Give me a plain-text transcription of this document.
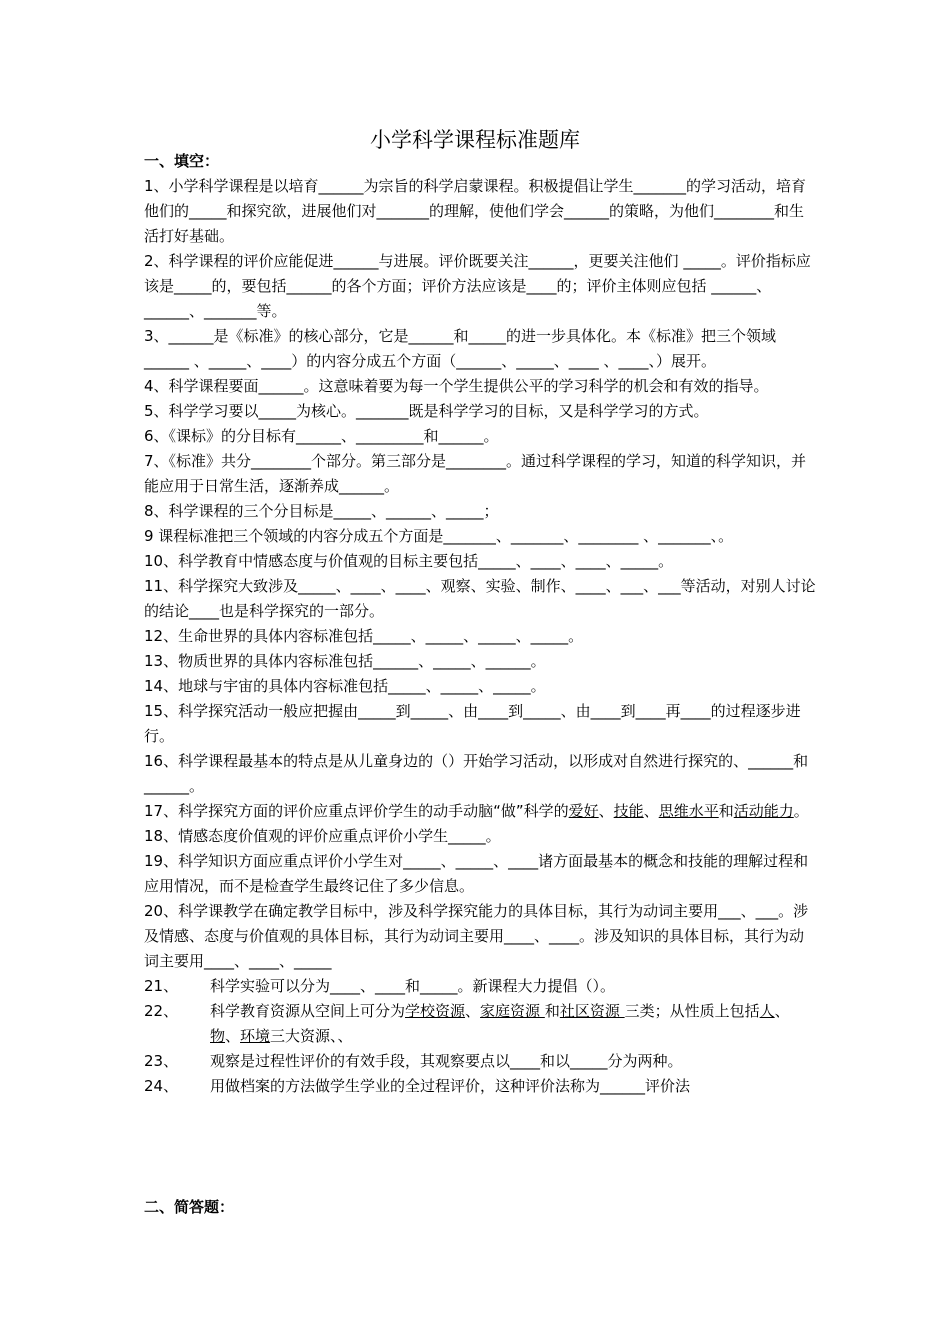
小学科学课程标准题库
一、填空：

1、小学科学课程是以培育______为宗旨的科学启蒙课程。积极提倡让学生_______的学习活动，培育他们的_____和探究欲，进展他们对_______的理解，使他们学会______的策略，为他们________和生活打好基础。

2、科学课程的评价应能促进______与进展。评价既要关注______，更要关注他们 _____。评价指标应该是_____的，要包括______的各个方面；评价方法应该是____的；评价主体则应包括 ______、______、_______等。

3、______是《标准》的核心部分，它是______和_____的进一步具体化。本《标准》把三个领域______ 、_____、____）的内容分成五个方面（______、_____、____ 、____、）展开。

4、科学课程要面______。这意味着要为每一个学生提供公平的学习科学的机会和有效的指导。

5、科学学习要以_____为核心。_______既是科学学习的目标，又是科学学习的方式。

6、《课标》的分目标有______、_________和______。

7、《标准》共分________个部分。第三部分是________。通过科学课程的学习，知道的科学知识，并能应用于日常生活，逐渐养成______。

8、科学课程的三个分目标是_____、______、_____；

9 课程标准把三个领域的内容分成五个方面是_______、_______、________ 、_______、。

10、科学教育中情感态度与价值观的目标主要包括_____、____、____、_____。

11、科学探究大致涉及_____、____、____、观察、实验、制作、____、___、___等活动，对别人讨论的结论____也是科学探究的一部分。

12、生命世界的具体内容标准包括_____、_____、_____、_____。

13、物质世界的具体内容标准包括______、_____、______。

14、地球与宇宙的具体内容标准包括_____、_____、_____。

15、科学探究活动一般应把握由_____到_____、由____到_____、由____到____再____的过程逐步进行。

16、科学课程最基本的特点是从儿童身边的（）开始学习活动，以形成对自然进行探究的、______和______。

17、科学探究方面的评价应重点评价学生的动手动脑“做”科学的爱好、技能、思维水平和活动能力。

18、情感态度价值观的评价应重点评价小学生_____。

19、科学知识方面应重点评价小学生对_____、_____、____诸方面最基本的概念和技能的理解过程和应用情况，而不是检查学生最终记住了多少信息。

20、科学课教学在确定教学目标中，涉及科学探究能力的具体目标，其行为动词主要用___、___。涉及情感、态度与价值观的具体目标，其行为动词主要用____、____。涉及知识的具体目标，其行为动词主要用____、____、_____

21、	科学实验可以分为____、____和_____。新课程大力提倡（）。
22、	科学教育资源从空间上可分为学校资源、家庭资源 和社区资源 三类；从性质上包括人、物、环境三大资源、、
23、	观察是过程性评价的有效手段，其观察要点以____和以_____分为两种。
24、	用做档案的方法做学生学业的全过程评价，这种评价法称为______评价法
二、简答题：
